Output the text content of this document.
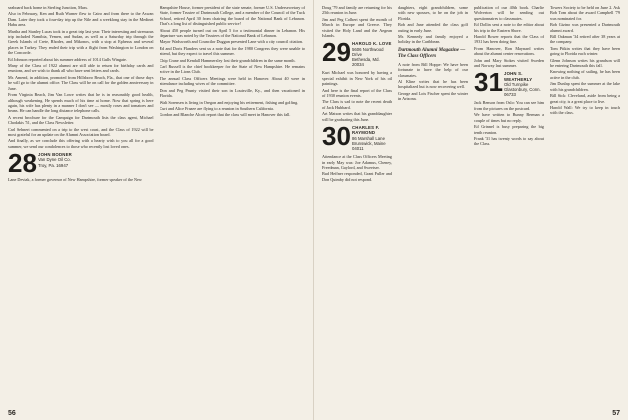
seaboard back home in Sterling Junction, Mass.

Also in February, Ken and Ruth Warner flew to Cairo and from there to the Aswan Dam. Later they took a four-day trip up the Nile and a weeklong stay in the Medinet Habu area.

Martha and Stanley Lucas took in a great trip last year. Their interesting and strenuous trip included Namibia, Yemen, and Sudan, as well as a Saturday trip through the Greek Islands of Crete, Rhodes, and Mikonos, with a stop at Ephesus and several places in Turkey. They ended their trip with a flight from Washington to London on the Concorde.

Ed Johnson reported about his summer address of 1014 Gulls Wingate.

Many of the Class of 1922 alumni are still able to return for birthday cards and reunions, and we wish to thank all who have sent letters and cards.

Mr. Amend, in addition, promoted from Hillsboro Beach, Fla., that one of those days he will go to the alumni office. The Class will be on call for the golden anniversary in June.

From Virginia Beach, Jim Van Lowe writes that he is in reasonably good health, although weakening. He spends much of his time at home. Now that spring is here again, his wife has plenty in a manner I don't see — mostly roses and tomatoes and beans. He can handle the long distance telephone calls.

A recent brochure for the Campaign for Dartmouth lists the class agent, Michael Chodakis '51, and the Class Newsletter.

Carl Sehnert commented on a trip to the west coast, and the Class of 1922 will be most grateful for an update on the Alumni Association board.

And finally, as we conclude this offering with a hearty wish to you all for a good summer, we send our condolences to those who recently lost loved ones.

28 JOHN BODNER
Van Dyne Oil Co.
Troy, Pa. 16947

Lane Deviak, a former governor of New Hampshire, former speaker of the New

Hampshire House, former president of the state senate, former U.S. Undersecretary of State, former Trustee of Dartmouth College, and a member of the Council of the Tuck School, retired April 30 from chairing the board of the National Bank of Lebanon. That's a long list of distinguished public service!

About 450 people turned out on April 5 for a testimonial dinner in Lebanon. His departure was noted by the Trustees of the National Bank of Lebanon.

Mayor Wadsworth and Councilor Duggan presented Lane with a city council citation.

Ed and Doris Flanders sent us a note that for the 1980 Congress they were unable to attend, but they expect to travel this summer.

Chip Crane and Kendall Hammersley lost their grandchildren in the same month.

Carl Russell is the chief bookkeeper for the State of New Hampshire. He remains active in the Lions Club.

The annual Class Officers Meetings were held in Hanover. About 40 were in attendance including wives of the committee.

Don and Peg Prunty visited their son in Louisville, Ky., and then vacationed in Florida.

Walt Sorensen is living in Oregon and enjoying his retirement, fishing and golfing.

Curt and Alice Frazee are flying to a reunion in Southern California.

Gordon and Blanche Alcott report that the class will meet in Hanover this fall.

56

Doug '79 and family are returning for his 25th reunion in June.

Jim and Peg Colbert spent the month of March in Europe and Greece. They visited the Holy Land and the Aegean Islands.

29 HAROLD K. LOVE
5606 Northwood Drive
Bethesda, Md. 20034

Kurt Michael was honored by having a special exhibit in New York of his oil paintings.

And here is the final report of the Class of 1930 reunion events.

The Class is sad to note the recent death of Jack Hubbard.

Art Matson writes that his granddaughter will be graduating this June.

30 CHARLES F. RAYMOND
86 Marshall Lane
Brunswick, Maine 04011

Attendance at the Class Officers Meeting in early May was: Joe Adamus, Cheney, Freedman, Gaylord, and Sweetser.

Bud Heffner responded, Grant Fuller and Don Quimby did not respond.

daughters, eight grandchildren, some with new spouses, to be on the job in Florida.

Bob and Jane attended the class golf outing in early June.

Mr. Kennedy and family enjoyed a holiday in the Caribbean.

Dartmouth Alumni Magazine — The Class Officers

A note from Bill Hoppe: We have been fortunate to have the help of our classmates.

Al Kline writes that he has been hospitalized but is now recovering well.

George and Lois Fischer spent the winter in Arizona.

publication of our 40th book. Charlie Wolverton will be sending out questionnaires to classmates.

Ed Dollin sent a note to the editor about his trip to the Eastern Shore.

Harold Bower reports that the Class of 1931 has been doing fine.

From Hanover, Ron Maynard writes about the alumni center renovations.

John and Mary Stokes visited Sweden and Norway last summer.

31 JOHN S. WEATHERLY
Old Turnpike
Glastonbury, Conn. 06733

Jack Benson from Oslo: You can see him from the pictures on the postcard.

We have written to Bunny Berman a couple of times but no reply.

Ed Grinnel is busy preparing the big tenth reunion.

Frank '31 has twenty words to say about the Class.

Towers Society to be held on June 2. Ask Bob Tom about the award Campbell '79 was nominated for.

Bob Gizino was presented a Dartmouth alumni award.

Bill Oakman '34 retired after 38 years at the company.

Tom Pitkin writes that they have been going to Florida each winter.

Glenn Johnson writes his grandson will be entering Dartmouth this fall.

Knowing nothing of sailing, he has been active in the club.

Jim Dunlap spent the summer at the lake with his grandchildren.

Bill Sick: Cleveland, aside from being a great city, is a great place to live.

Harold Wall: We try to keep in touch with the class.

57
